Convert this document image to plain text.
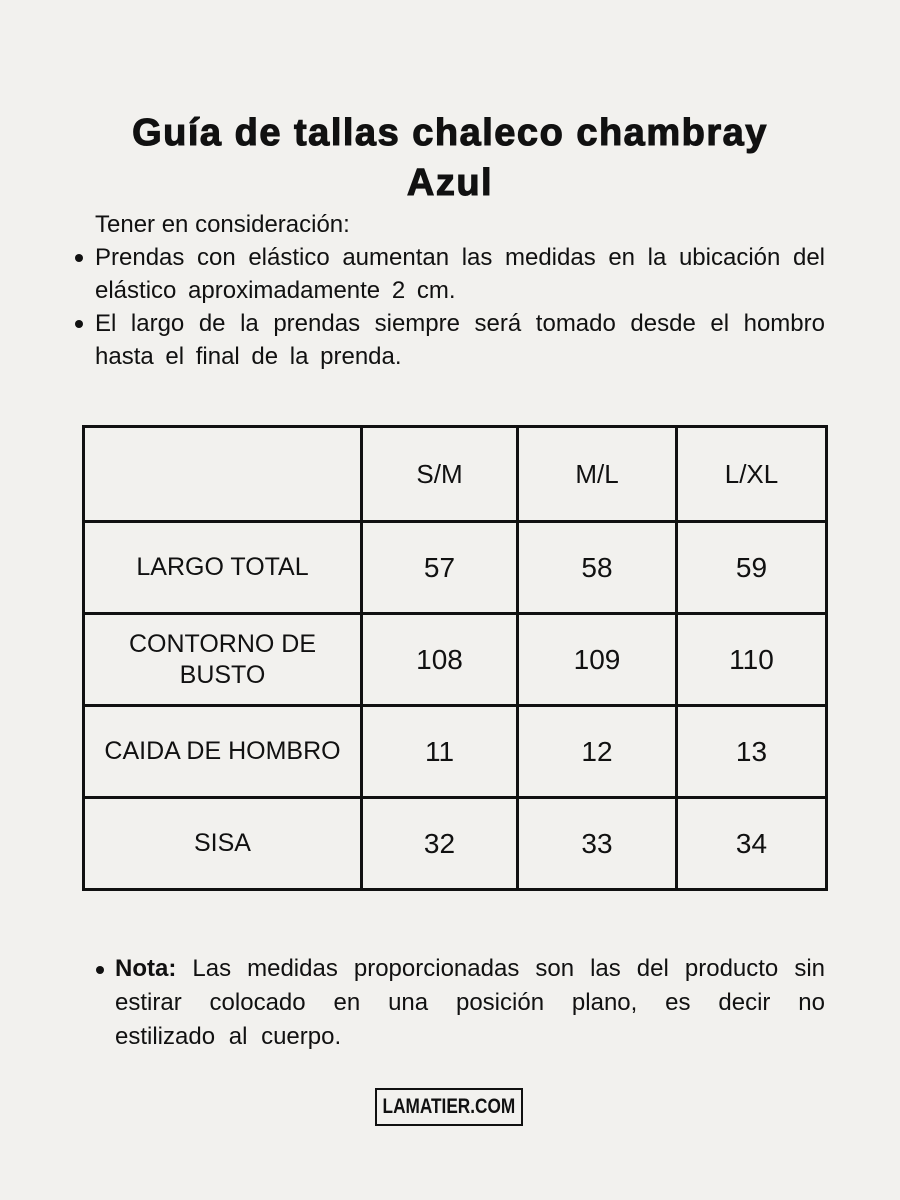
Guía de tallas chaleco chambray
Azul

Tener en consideración:

Prendas con elástico aumentan las medidas en la ubicación del elástico aproximadamente 2 cm.
El largo de la prendas siempre será tomado desde el hombro hasta el final de la prenda.
	S/M	M/L	L/XL
LARGO TOTAL	57	58	59
CONTORNO DE BUSTO	108	109	110
CAIDA DE HOMBRO	11	12	13
SISA	32	33	34

Nota: Las medidas proporcionadas son las del producto sin estirar colocado en una posición plano, es decir no estilizado al cuerpo.

LAMATIER.COM
